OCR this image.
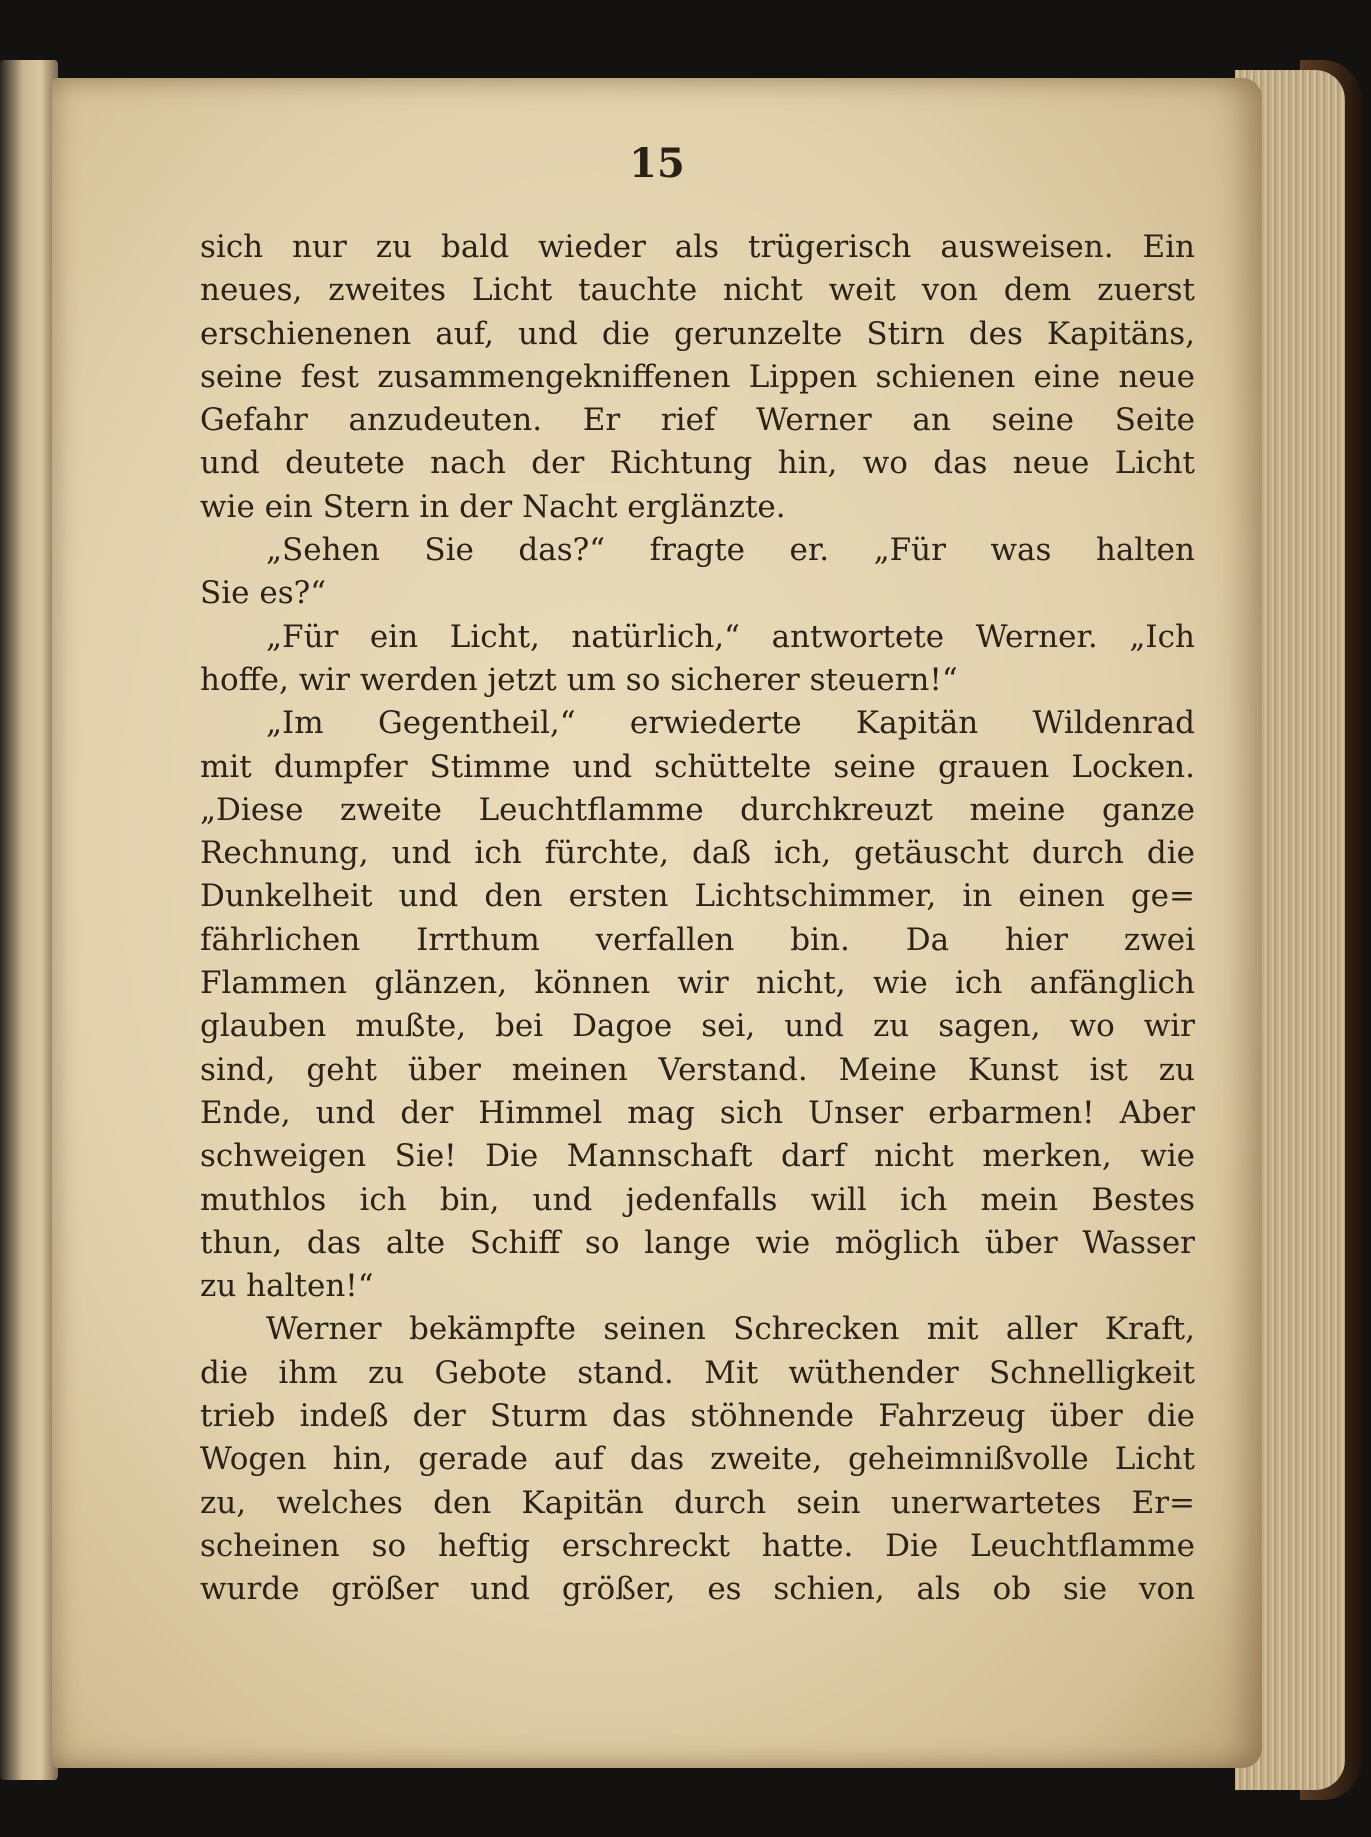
15
sich nur zu bald wieder als trügerisch ausweisen. Ein
neues, zweites Licht tauchte nicht weit von dem zuerst
erschienenen auf, und die gerunzelte Stirn des Kapitäns,
seine fest zusammengekniffenen Lippen schienen eine neue
Gefahr anzudeuten. Er rief Werner an seine Seite
und deutete nach der Richtung hin, wo das neue Licht
wie ein Stern in der Nacht erglänzte.
„Sehen Sie das?“ fragte er. „Für was halten
Sie es?“
„Für ein Licht, natürlich,“ antwortete Werner. „Ich
hoffe, wir werden jetzt um so sicherer steuern!“
„Im Gegentheil,“ erwiederte Kapitän Wildenrad
mit dumpfer Stimme und schüttelte seine grauen Locken.
„Diese zweite Leuchtflamme durchkreuzt meine ganze
Rechnung, und ich fürchte, daß ich, getäuscht durch die
Dunkelheit und den ersten Lichtschimmer, in einen ge=
fährlichen Irrthum verfallen bin. Da hier zwei
Flammen glänzen, können wir nicht, wie ich anfänglich
glauben mußte, bei Dagoe sei, und zu sagen, wo wir
sind, geht über meinen Verstand. Meine Kunst ist zu
Ende, und der Himmel mag sich Unser erbarmen! Aber
schweigen Sie! Die Mannschaft darf nicht merken, wie
muthlos ich bin, und jedenfalls will ich mein Bestes
thun, das alte Schiff so lange wie möglich über Wasser
zu halten!“
Werner bekämpfte seinen Schrecken mit aller Kraft,
die ihm zu Gebote stand. Mit wüthender Schnelligkeit
trieb indeß der Sturm das stöhnende Fahrzeug über die
Wogen hin, gerade auf das zweite, geheimnißvolle Licht
zu, welches den Kapitän durch sein unerwartetes Er=
scheinen so heftig erschreckt hatte. Die Leuchtflamme
wurde größer und größer, es schien, als ob sie von
